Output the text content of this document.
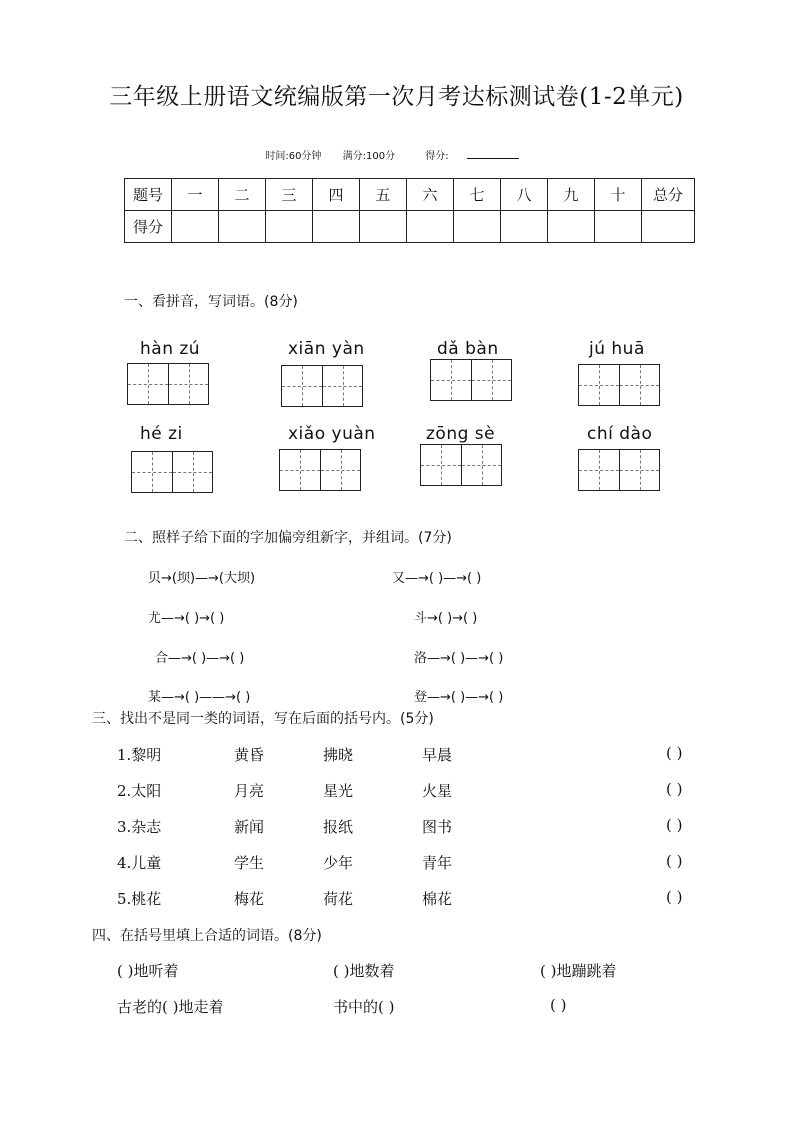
三年级上册语文统编版第一次月考达标测试卷(1-2单元)
时间:60分钟 满分:100分	得分:
题号	一	二	三	四	五	六	七	八	九	十	总分
得分											
一、看拼音，写词语。(8分)
hàn zú	xiān yàn	dǎ bàn	jú huā
hé zi	xiǎo yuàn	zōng sè	chí dào
二、照样子给下面的字加偏旁组新字，并组词。(7分)
贝→(坝)—→(大坝)	又—→( )—→( )
尤—→( )→( )	斗→( )→( )
合—→( )—→( )	洛—→( )—→( )
某—→( )——→( )	登—→( )—→( )
三、找出不是同一类的词语，写在后面的括号内。(5分)
1.黎明	黄昏	拂晓	早晨	( )
2.太阳	月亮	星光	火星	( )
3.杂志	新闻	报纸	图书	( )
4.儿童	学生	少年	青年	( )
5.桃花	梅花	荷花	棉花	( )
四、在括号里填上合适的词语。(8分)
( )地听着	( )地数着	( )地蹦跳着
古老的( )地走着	书中的( )	( )
